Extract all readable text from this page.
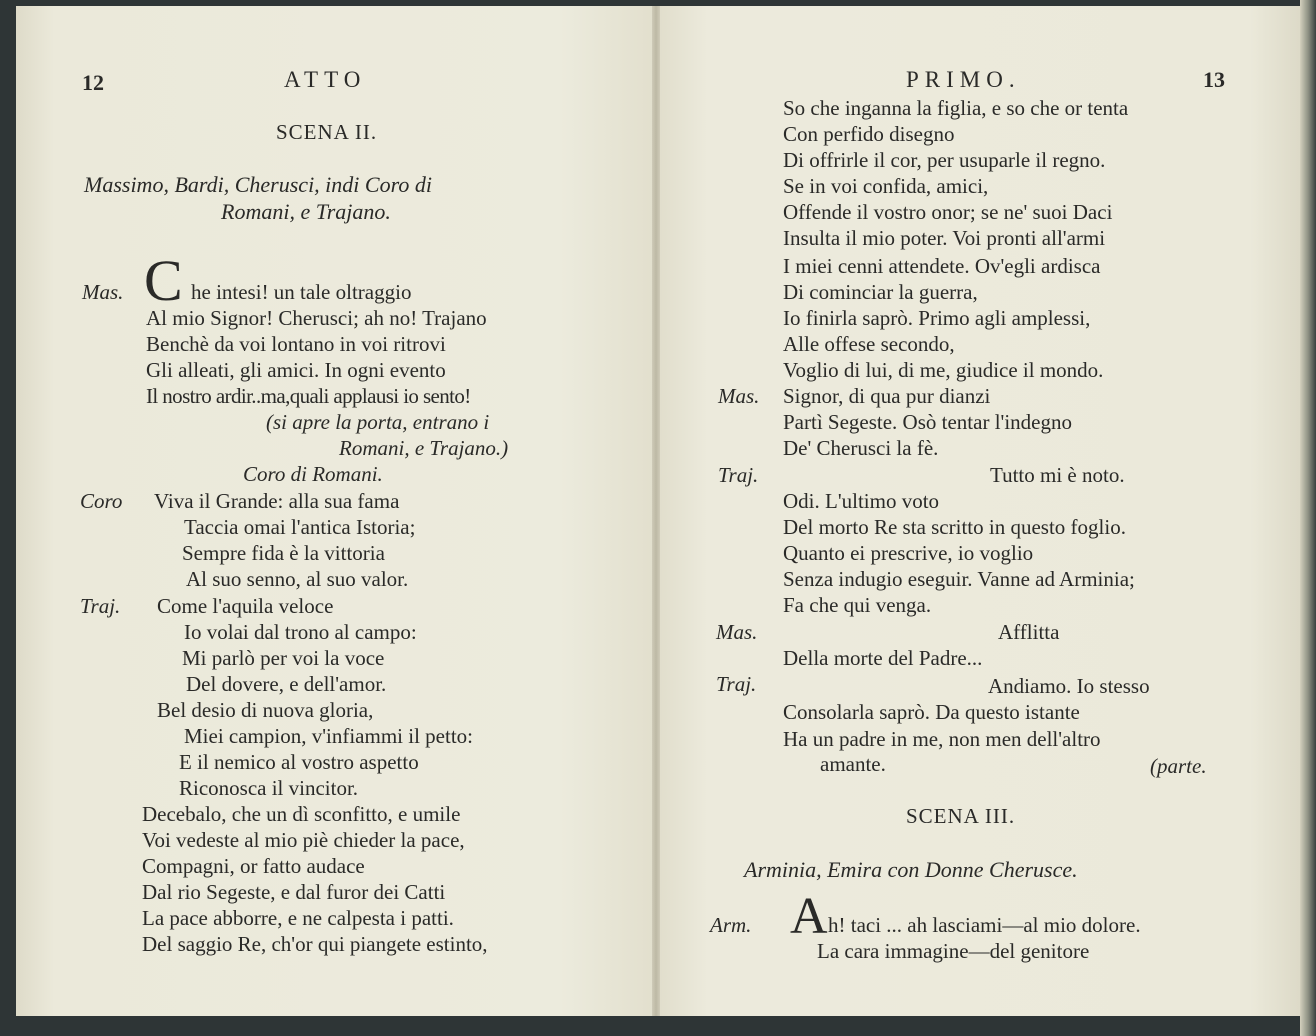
12	ATTO
SCENA II.
Massimo, Bardi, Cherusci, indi Coro di
Romani, e Trajano.
Mas. C he intesi! un tale oltraggio
Al mio Signor! Cherusci; ah no! Trajano
Benchè da voi lontano in voi ritrovi
Gli alleati, gli amici. In ogni evento
Il nostro ardir..ma,quali applausi io sento!
(si apre la porta, entrano i
Romani, e Trajano.)
Coro di Romani.
Coro Viva il Grande: alla sua fama
Taccia omai l'antica Istoria;
Sempre fida è la vittoria
Al suo senno, al suo valor.
Traj. Come l'aquila veloce
Io volai dal trono al campo:
Mi parlò per voi la voce
Del dovere, e dell'amor.
Bel desio di nuova gloria,
Miei campion, v'infiammi il petto:
E il nemico al vostro aspetto
Riconosca il vincitor.
Decebalo, che un dì sconfitto, e umile
Voi vedeste al mio piè chieder la pace,
Compagni, or fatto audace
Dal rio Segeste, e dal furor dei Catti
La pace abborre, e ne calpesta i patti.
Del saggio Re, ch'or qui piangete estinto,
PRIMO.	13
So che inganna la figlia, e so che or tenta
Con perfido disegno
Di offrirle il cor, per usuparle il regno.
Se in voi confida, amici,
Offende il vostro onor; se ne' suoi Daci
Insulta il mio poter. Voi pronti all'armi
I miei cenni attendete. Ov'egli ardisca
Di cominciar la guerra,
Io finirla saprò. Primo agli amplessi,
Alle offese secondo,
Voglio di lui, di me, giudice il mondo.
Mas. Signor, di qua pur dianzi
Partì Segeste. Osò tentar l'indegno
De' Cherusci la fè.
Traj.	Tutto mi è noto.
Odi. L'ultimo voto
Del morto Re sta scritto in questo foglio.
Quanto ei prescrive, io voglio
Senza indugio eseguir. Vanne ad Arminia;
Fa che qui venga.
Mas.	Afflitta
Della morte del Padre...
Traj.	Andiamo. Io stesso
Consolarla saprò. Da questo istante
Ha un padre in me, non men dell'altro
amante.	(parte.
SCENA III.
Arminia, Emira con Donne Cherusce.
Arm. A h! taci ... ah lasciami—al mio dolore.
La cara immagine—del genitore
